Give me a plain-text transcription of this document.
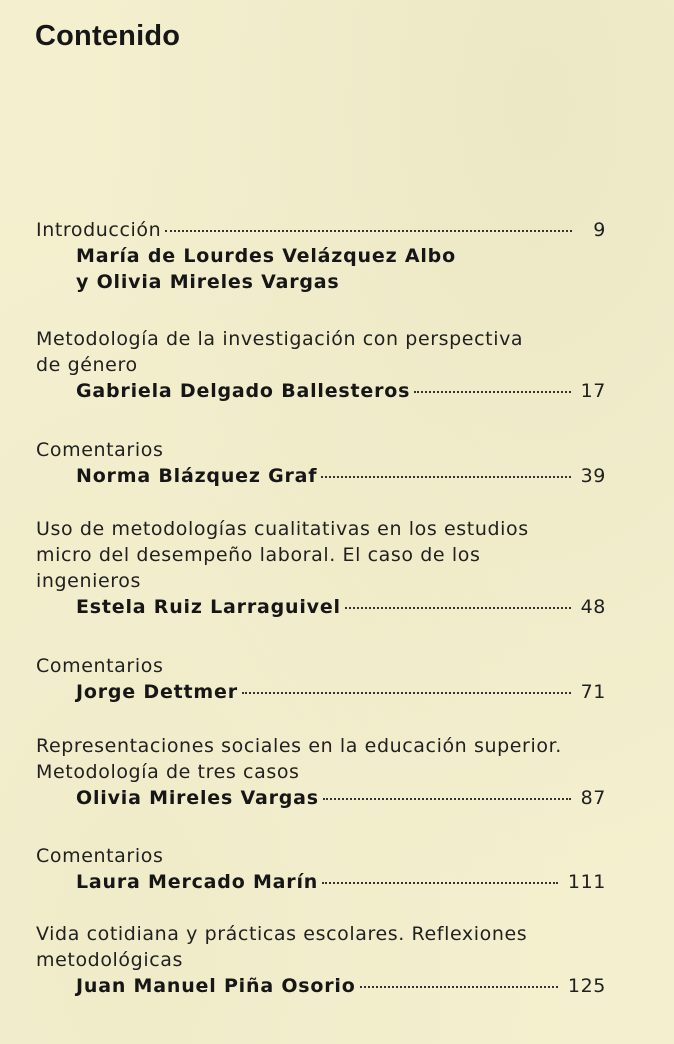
Contenido
Introducción	9
María de Lourdes Velázquez Albo
y Olivia Mireles Vargas
Metodología de la investigación con perspectiva
de género
Gabriela Delgado Ballesteros	17
Comentarios
Norma Blázquez Graf	39
Uso de metodologías cualitativas en los estudios
micro del desempeño laboral. El caso de los
ingenieros
Estela Ruiz Larraguivel	48
Comentarios
Jorge Dettmer	71
Representaciones sociales en la educación superior.
Metodología de tres casos
Olivia Mireles Vargas	87
Comentarios
Laura Mercado Marín	111
Vida cotidiana y prácticas escolares. Reflexiones
metodológicas
Juan Manuel Piña Osorio	125
